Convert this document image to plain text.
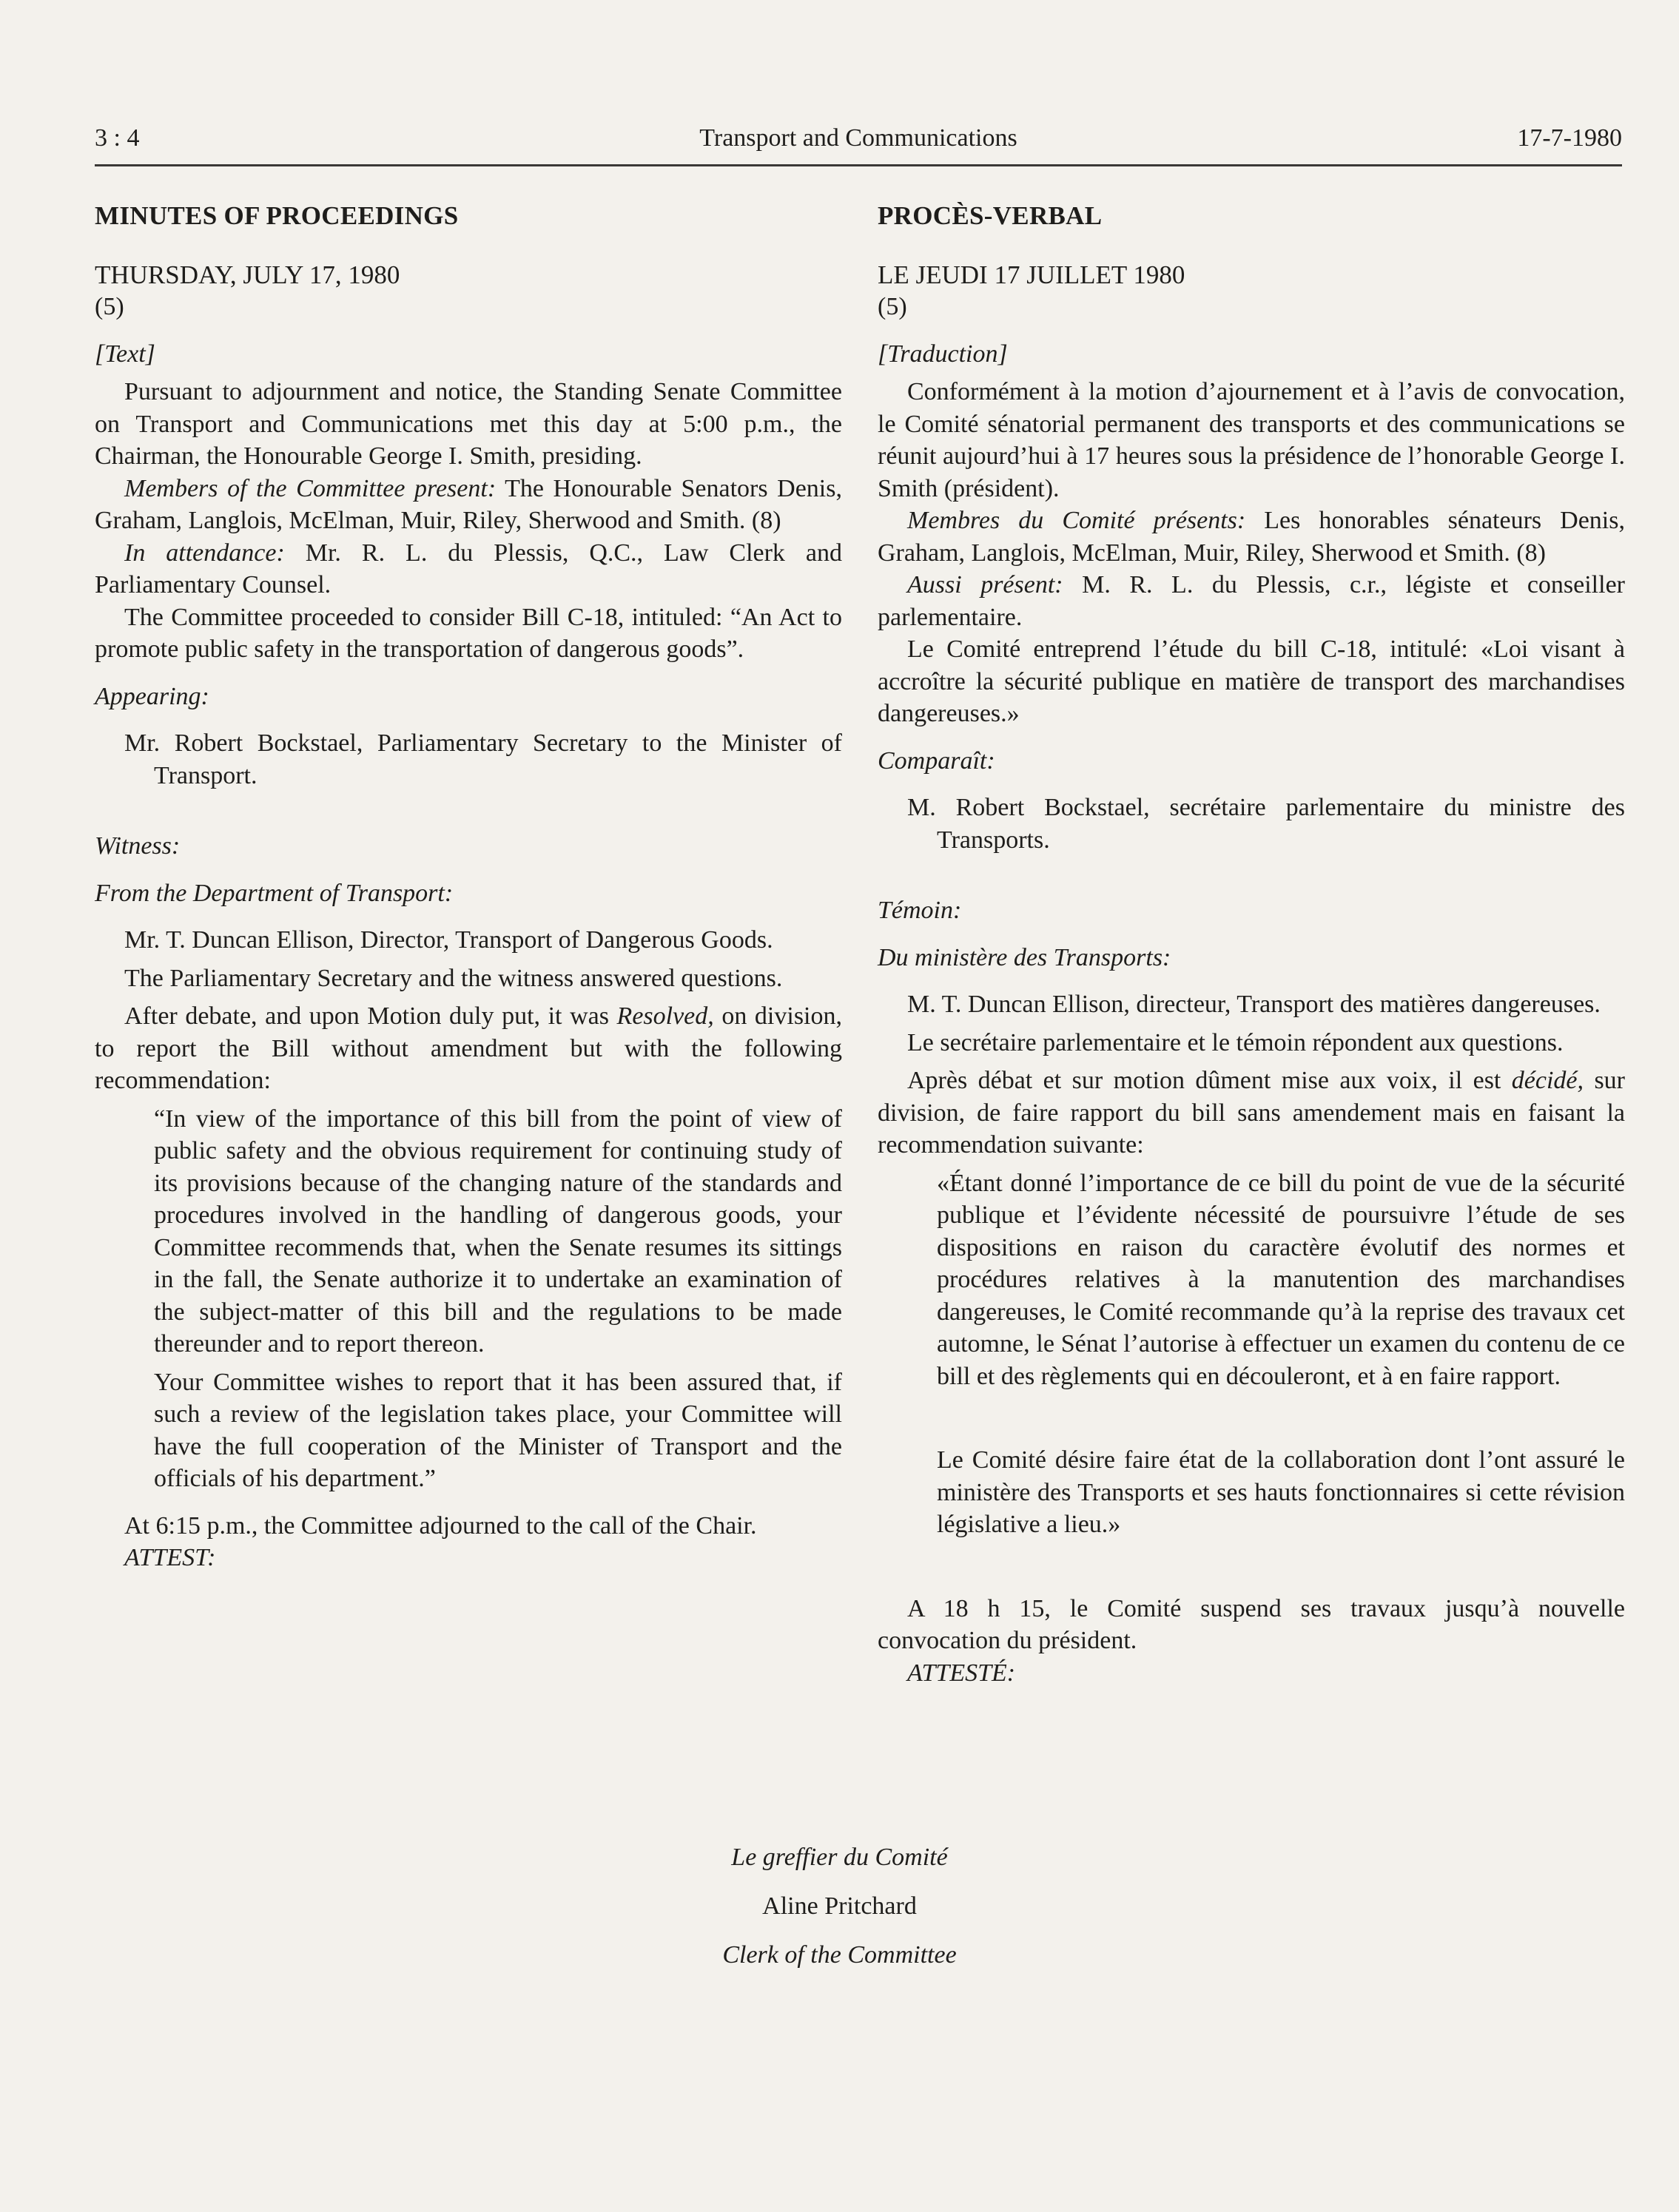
3 : 4	Transport and Communications	17-7-1980
MINUTES OF PROCEEDINGS
THURSDAY, JULY 17, 1980
(5)
[Text]

Pursuant to adjournment and notice, the Standing Senate Committee on Transport and Communications met this day at 5:00 p.m., the Chairman, the Honourable George I. Smith, presiding.

Members of the Committee present: The Honourable Senators Denis, Graham, Langlois, McElman, Muir, Riley, Sherwood and Smith. (8)

In attendance: Mr. R. L. du Plessis, Q.C., Law Clerk and Parliamentary Counsel.

The Committee proceeded to consider Bill C-18, intituled: “An Act to promote public safety in the transportation of dangerous goods”.

Appearing:

Mr. Robert Bockstael, Parliamentary Secretary to the Minister of Transport.

Witness:
From the Department of Transport:

Mr. T. Duncan Ellison, Director, Transport of Dangerous Goods.

The Parliamentary Secretary and the witness answered questions.

After debate, and upon Motion duly put, it was Resolved, on division, to report the Bill without amendment but with the following recommendation:

“In view of the importance of this bill from the point of view of public safety and the obvious requirement for continuing study of its provisions because of the changing nature of the standards and procedures involved in the handling of dangerous goods, your Committee recommends that, when the Senate resumes its sittings in the fall, the Senate authorize it to undertake an examination of the subject-matter of this bill and the regulations to be made thereunder and to report thereon.

Your Committee wishes to report that it has been assured that, if such a review of the legislation takes place, your Committee will have the full cooperation of the Minister of Transport and the officials of his department.”

At 6:15 p.m., the Committee adjourned to the call of the Chair.

ATTEST:
PROCÈS-VERBAL
LE JEUDI 17 JUILLET 1980
(5)
[Traduction]

Conformément à la motion d’ajournement et à l’avis de convocation, le Comité sénatorial permanent des transports et des communications se réunit aujourd’hui à 17 heures sous la présidence de l’honorable George I. Smith (président).

Membres du Comité présents: Les honorables sénateurs Denis, Graham, Langlois, McElman, Muir, Riley, Sherwood et Smith. (8)

Aussi présent: M. R. L. du Plessis, c.r., légiste et conseiller parlementaire.

Le Comité entreprend l’étude du bill C-18, intitulé: «Loi visant à accroître la sécurité publique en matière de transport des marchandises dangereuses.»

Comparaît:

M. Robert Bockstael, secrétaire parlementaire du ministre des Transports.

Témoin:
Du ministère des Transports:

M. T. Duncan Ellison, directeur, Transport des matières dangereuses.

Le secrétaire parlementaire et le témoin répondent aux questions.

Après débat et sur motion dûment mise aux voix, il est décidé, sur division, de faire rapport du bill sans amendement mais en faisant la recommendation suivante:

«Étant donné l’importance de ce bill du point de vue de la sécurité publique et l’évidente nécessité de poursuivre l’étude de ses dispositions en raison du caractère évolutif des normes et procédures relatives à la manutention des marchandises dangereuses, le Comité recommande qu’à la reprise des travaux cet automne, le Sénat l’autorise à effectuer un examen du contenu de ce bill et des règlements qui en découleront, et à en faire rapport.

Le Comité désire faire état de la collaboration dont l’ont assuré le ministère des Transports et ses hauts fonctionnaires si cette révision législative a lieu.»

A 18 h 15, le Comité suspend ses travaux jusqu’à nouvelle convocation du président.

ATTESTÉ:
Le greffier du Comité
Aline Pritchard
Clerk of the Committee
